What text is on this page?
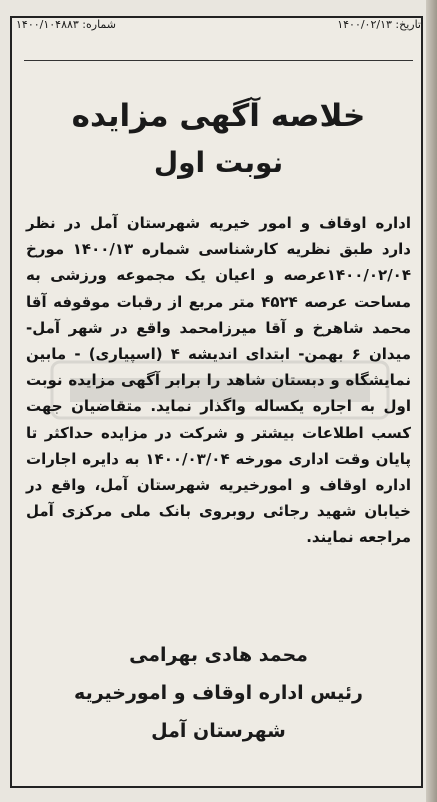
تاریخ: ۱۴۰۰/۰۲/۱۳
شماره: ۱۴۰۰/۱۰۴۸۸۳
خلاصه آگهی مزایده
نوبت اول
اداره اوقاف و امور خیریه شهرستان آمل در نظر دارد طبق نظریه کارشناسی شماره ۱۴۰۰/۱۳ مورخ ۱۴۰۰/۰۲/۰۴عرصه و اعیان یک مجموعه ورزشی به مساحت عرصه ۴۵۲۴ متر مربع از رقبات موقوفه آقا محمد شاهرخ و آقا میرزامحمد واقع در شهر آمل-میدان ۶ بهمن- ابتدای اندیشه ۴ (اسپیاری) - مابین نمایشگاه و دبستان شاهد را برابر آگهی مزایده نوبت اول به اجاره یکساله واگذار نماید. متقاضیان جهت کسب اطلاعات بیشتر و شرکت در مزایده حداکثر تا پایان وقت اداری مورخه ۱۴۰۰/۰۳/۰۴ به دایره اجارات اداره اوقاف و امورخیریه شهرستان آمل، واقع در خیابان شهید رجائی روبروی بانک ملی مرکزی آمل مراجعه نمایند.
محمد هادی بهرامی
رئیس اداره اوقاف و امورخیریه
شهرستان آمل
